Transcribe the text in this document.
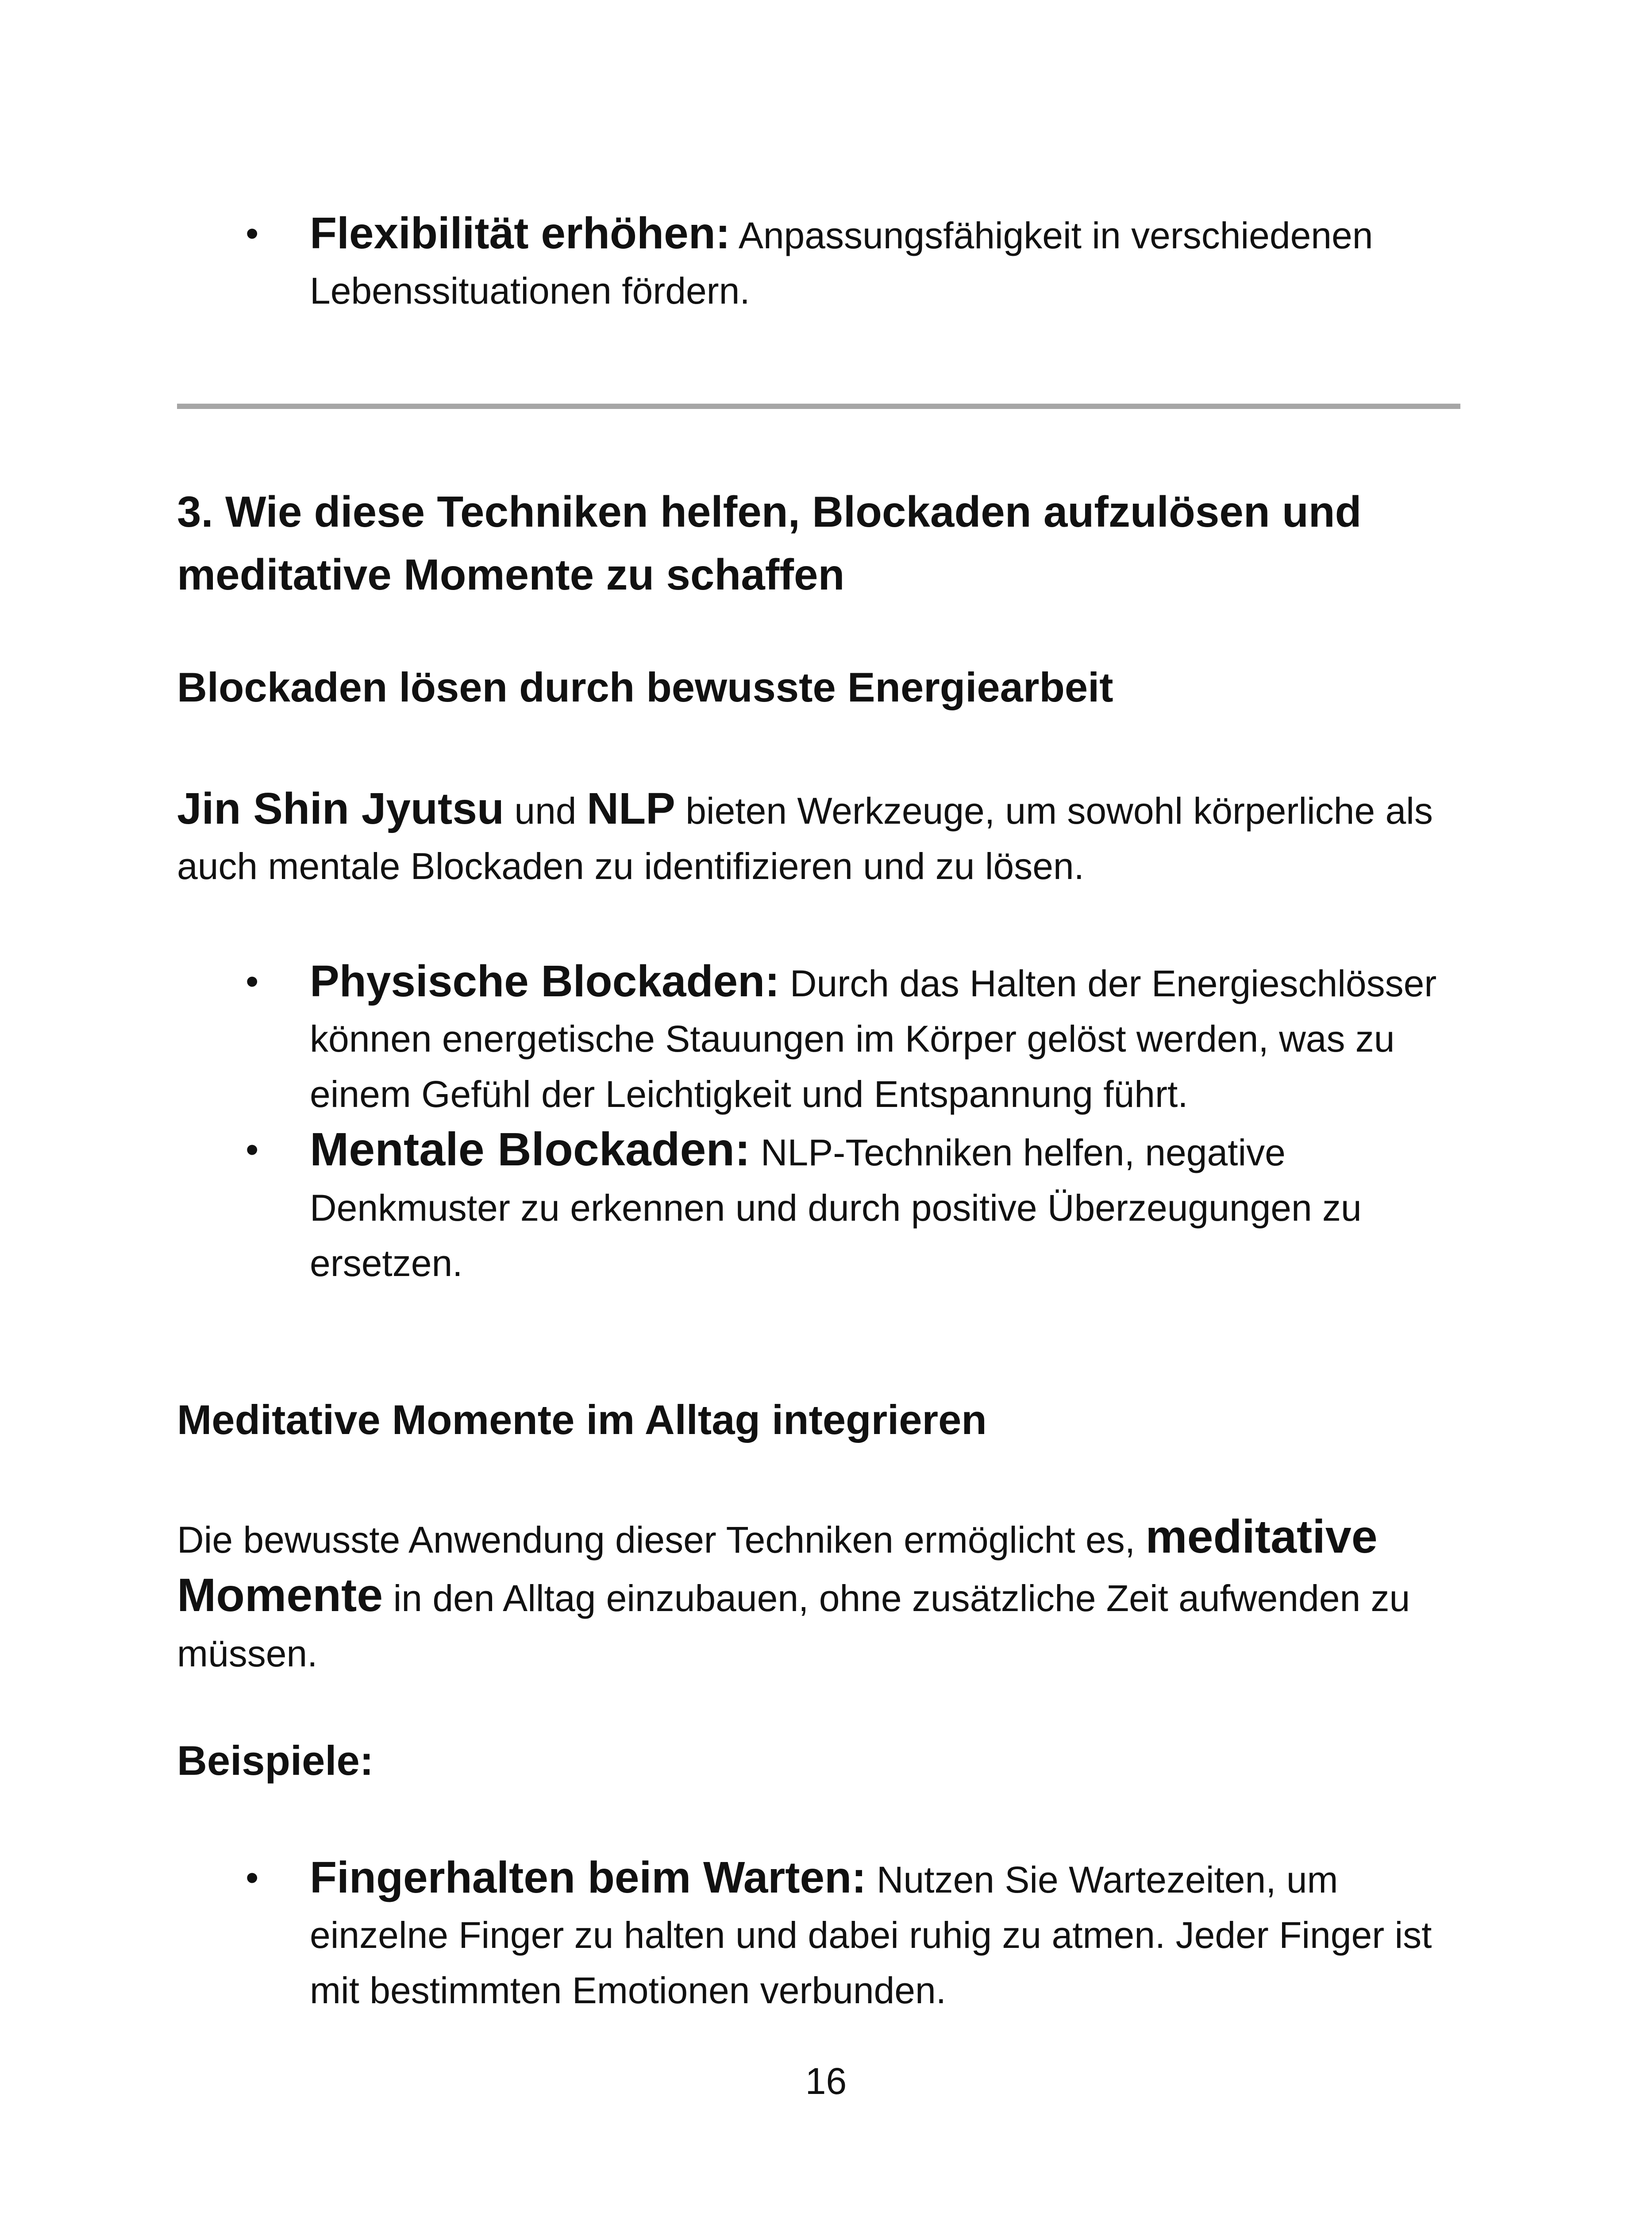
• Flexibilität erhöhen: Anpassungsfähigkeit in verschiedenen Lebenssituationen fördern.
3. Wie diese Techniken helfen, Blockaden aufzulösen und meditative Momente zu schaffen
Blockaden lösen durch bewusste Energiearbeit

Jin Shin Jyutsu und NLP bieten Werkzeuge, um sowohl körperliche als auch mentale Blockaden zu identifizieren und zu lösen.

• Physische Blockaden: Durch das Halten der Energieschlösser können energetische Stauungen im Körper gelöst werden, was zu einem Gefühl der Leichtigkeit und Entspannung führt.
• Mentale Blockaden: NLP-Techniken helfen, negative Denkmuster zu erkennen und durch positive Überzeugungen zu ersetzen.
Meditative Momente im Alltag integrieren

Die bewusste Anwendung dieser Techniken ermöglicht es, meditative Momente in den Alltag einzubauen, ohne zusätzliche Zeit aufwenden zu müssen.

Beispiele:
• Fingerhalten beim Warten: Nutzen Sie Wartezeiten, um einzelne Finger zu halten und dabei ruhig zu atmen. Jeder Finger ist mit bestimmten Emotionen verbunden.
16
